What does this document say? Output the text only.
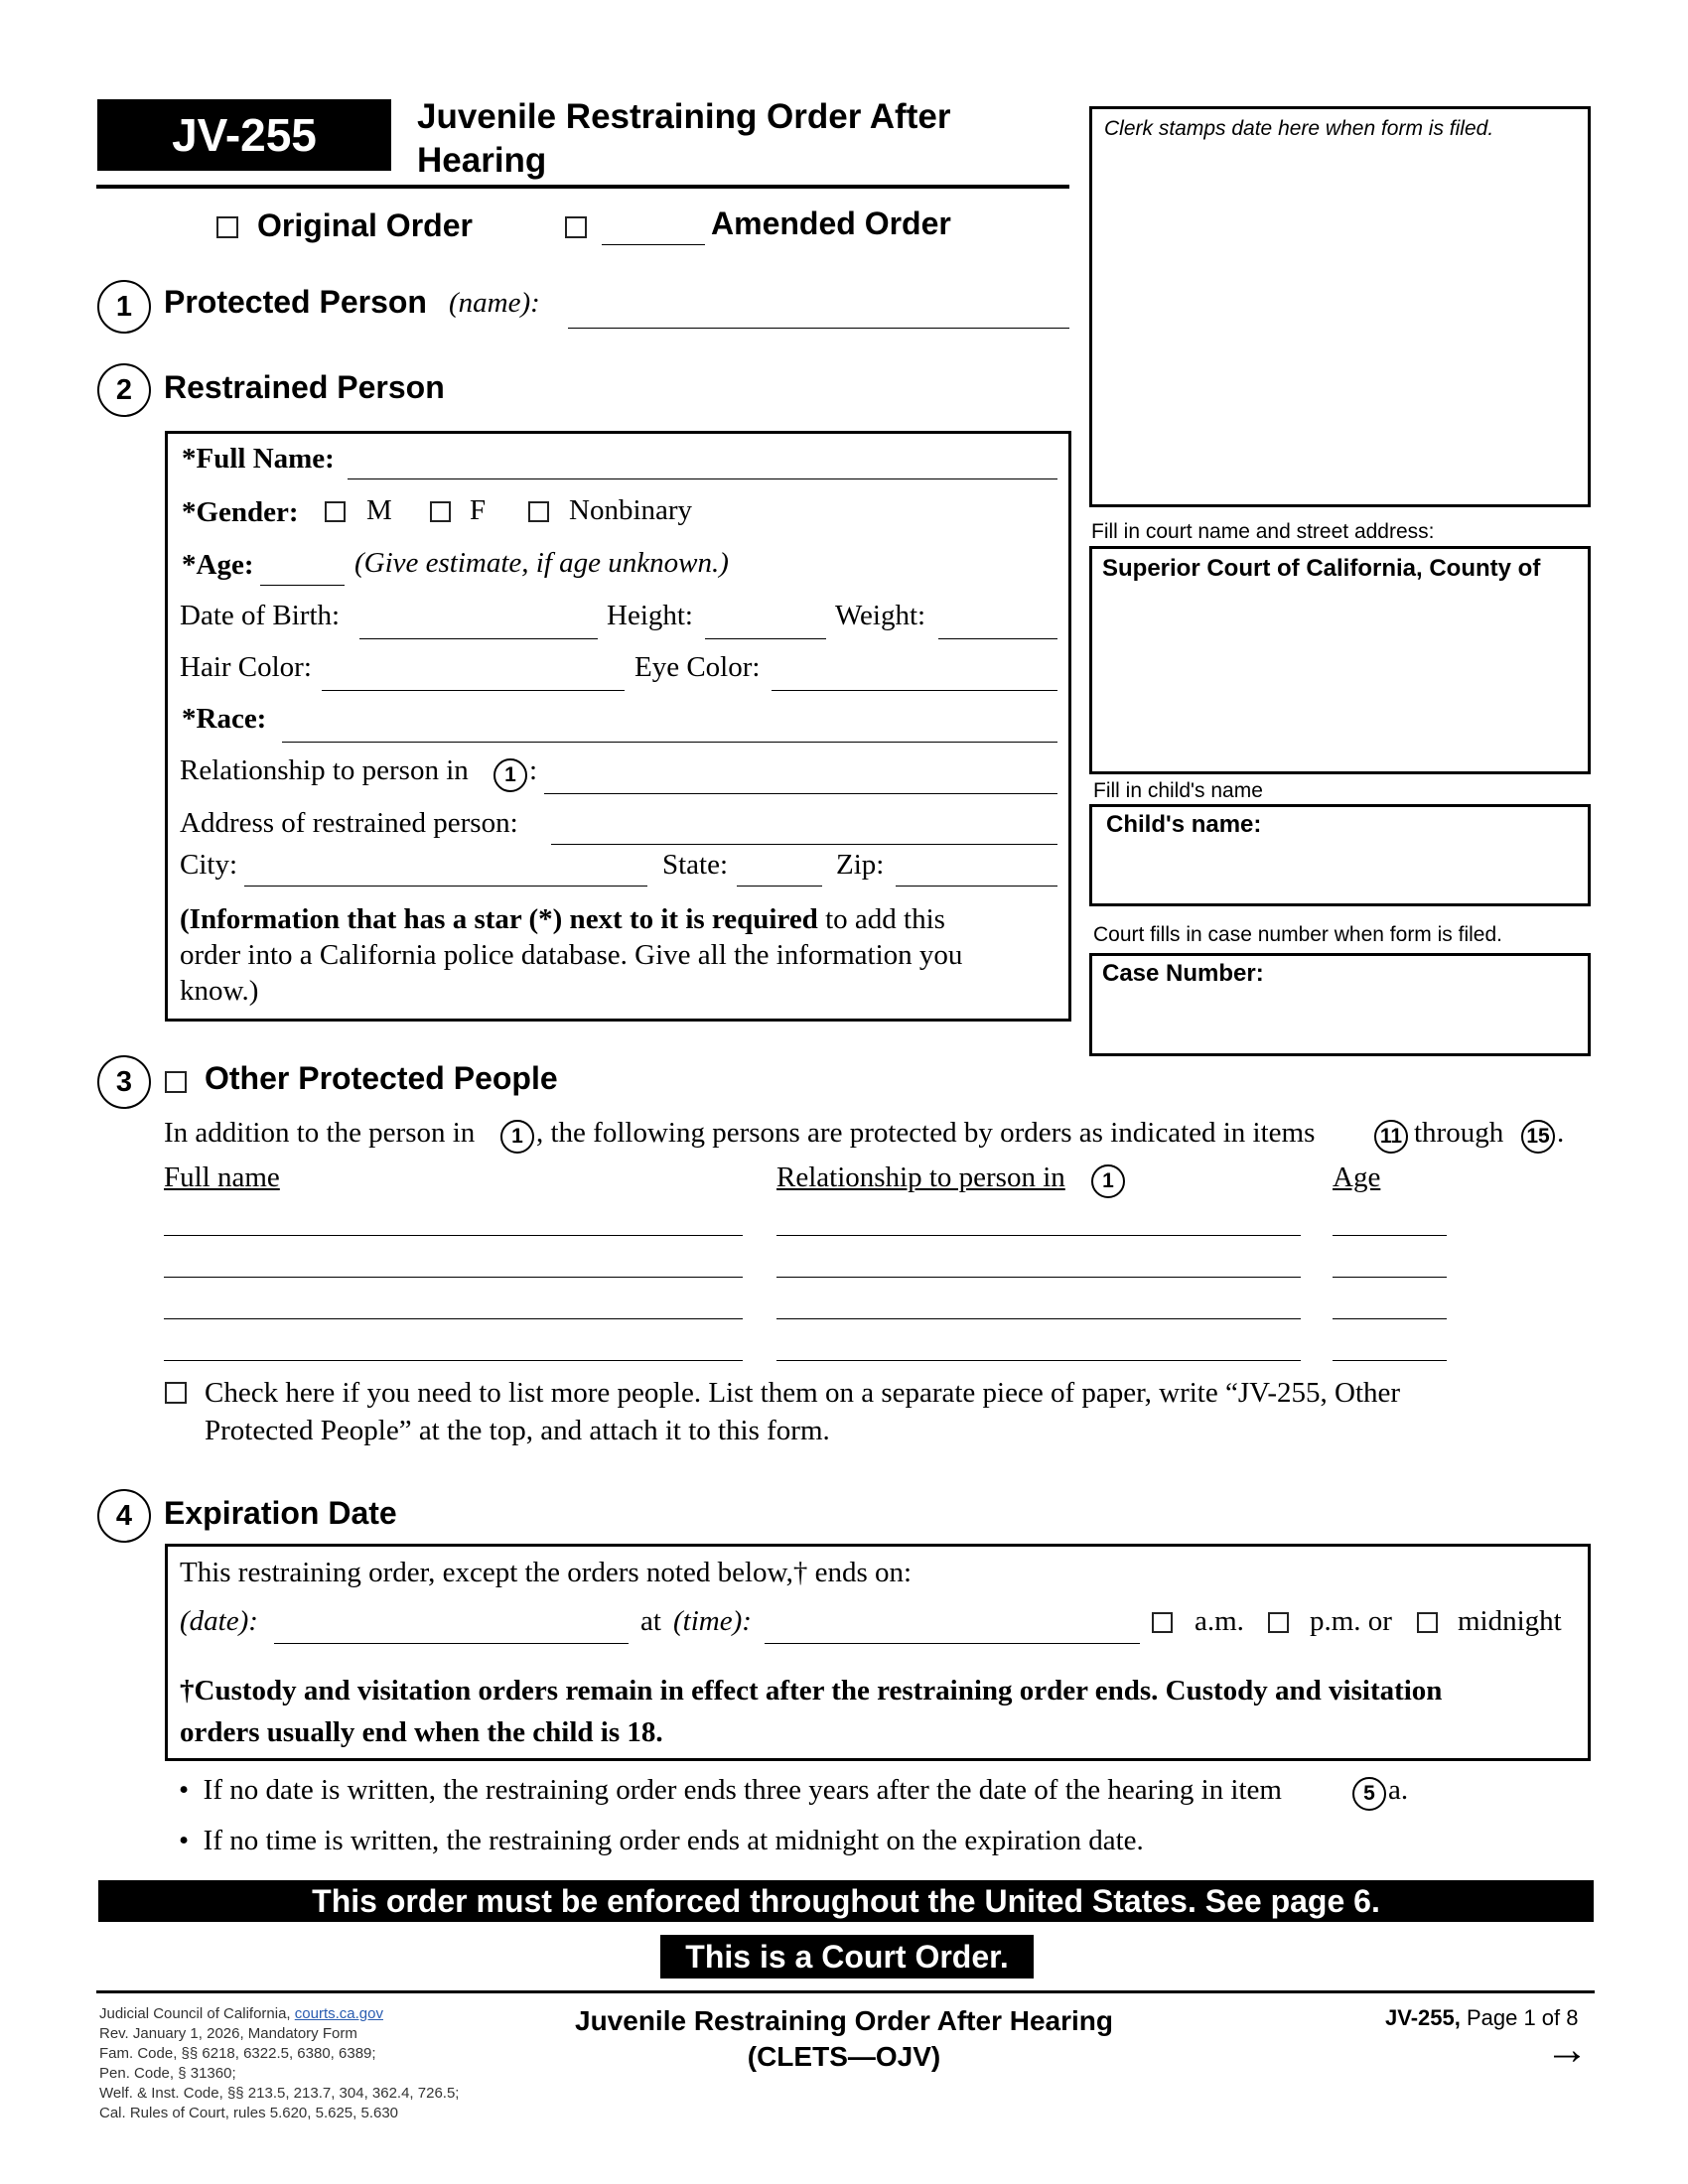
JV-255	Juvenile Restraining Order After
Hearing
Original Order	Amended Order
Clerk stamps date here when form is filed.
Fill in court name and street address:
Superior Court of California, County of
Fill in child's name
Child's name:
Court fills in case number when form is filed.
Case Number:
1 Protected Person (name):
2 Restrained Person
*Full Name:
*Gender: M	F	Nonbinary
*Age:	(Give estimate, if age unknown.)
Date of Birth:	Height:	Weight:
Hair Color:	Eye Color:
*Race:
Relationship to person in	1 :
Address of restrained person:
City:	State:	Zip:
(Information that has a star (*) next to it is required to add this
order into a California police database. Give all the information you
know.)
3	Other Protected People
In addition to the person in	1 , the following persons are protected by orders as indicated in items	11 through 15 .
Full name	Relationship to person in	1	Age
Check here if you need to list more people. List them on a separate piece of paper, write “JV-255, Other
Protected People” at the top, and attach it to this form.
4 Expiration Date
This restraining order, except the orders noted below,† ends on:
(date):	at (time):	a.m. p.m. or midnight
†Custody and visitation orders remain in effect after the restraining order ends. Custody and visitation
orders usually end when the child is 18.
•  If no date is written, the restraining order ends three years after the date of the hearing in item	5 a.
•  If no time is written, the restraining order ends at midnight on the expiration date.
This order must be enforced throughout the United States. See page 6.
This is a Court Order.
Judicial Council of California, courts.ca.gov
Rev. January 1, 2026, Mandatory Form
Fam. Code, §§ 6218, 6322.5, 6380, 6389;
Pen. Code, § 31360;
Welf. & Inst. Code, §§ 213.5, 213.7, 304, 362.4, 726.5;
Cal. Rules of Court, rules 5.620, 5.625, 5.630
Juvenile Restraining Order After Hearing
(CLETS—OJV)
JV-255, Page 1 of 8
→
